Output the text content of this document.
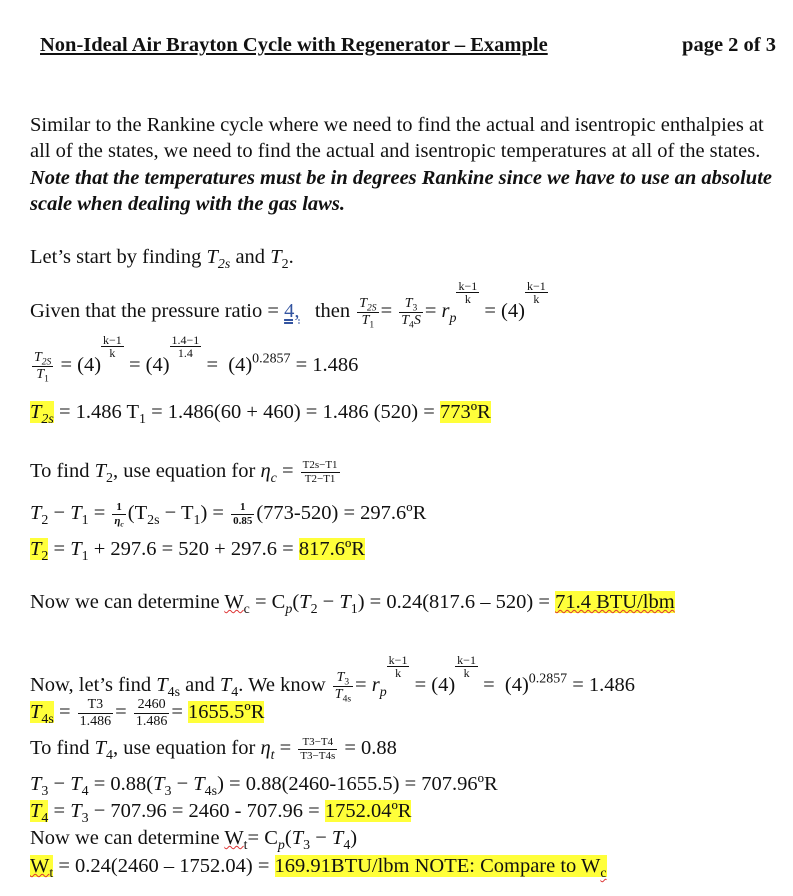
Non-Ideal Air Brayton Cycle with Regenerator – Example	page 2 of 3
Similar to the Rankine cycle where we need to find the actual and isentropic enthalpies at all of the states, we need to find the actual and isentropic temperatures at all of the states. Note that the temperatures must be in degrees Rankine since we have to use an absolute scale when dealing with the gas laws.
Let’s start by finding $T_{2s}$ and $T_2$.
Given that the pressure ratio = 4, then $\frac{T_{2S}}{T_1} = \frac{T_3}{T_4S} = r_p$
$\frac{k-1}{k}$
= (4)
$\frac{k-1}{k}$
$\frac{T_{2S}}{T_1} = (4)$
$\frac{k-1}{k}$
= (4)
$\frac{1.4-1}{1.4}$
=  $(4)^{0.2857} = 1.486$
$T_{2s} = 1.486$ $T_1 = 1.486(60 + 460) = 1.486$ (520) = 773ºR
To find $T_2$, use equation for $\eta_c = \frac{T2s-T1}{T2-T1}$
$T_2 - T_1 = \frac{1}{\eta_c} (T_{2s} - T_1) = \frac{1}{0.85} (773-520)$ = 297.6ºR
$T_2 = T_1 + 297.6 = 520 + 297.6$ = 817.6ºR
Now we can determine $W_c = C_p(T_2 - T_1) = 0.24(817.6 - 520) = 71.4$ BTU/lbm
Now, let’s find $T_{4s}$ and $T_4$. We know $\frac{T_3}{T_{4s}} = r_p$
$\frac{k-1}{k}$
= (4)
$\frac{k-1}{k}$
=  $(4)^{0.2857} = 1.486$
$T_{4s} = \frac{T3}{1.486} = \frac{2460}{1.486}$ = 1655.5ºR
To find $T_4$, use equation for $\eta_t = \frac{T3-T4}{T3-T4s} = 0.88$
$T_3 - T_4 = 0.88(T_3 - T_{4s}) = 0.88(2460-1655.5)$ = 707.96ºR
$T_4 = T_3 - 707.96 = 2460 - 707.96$ = 1752.04ºR
Now we can determine $W_t= C_p(T_3 - T_4)$
$W_t = 0.24(2460 - 1752.04) = 169.91BTU/lbm$ NOTE: Compare to $W_c$
